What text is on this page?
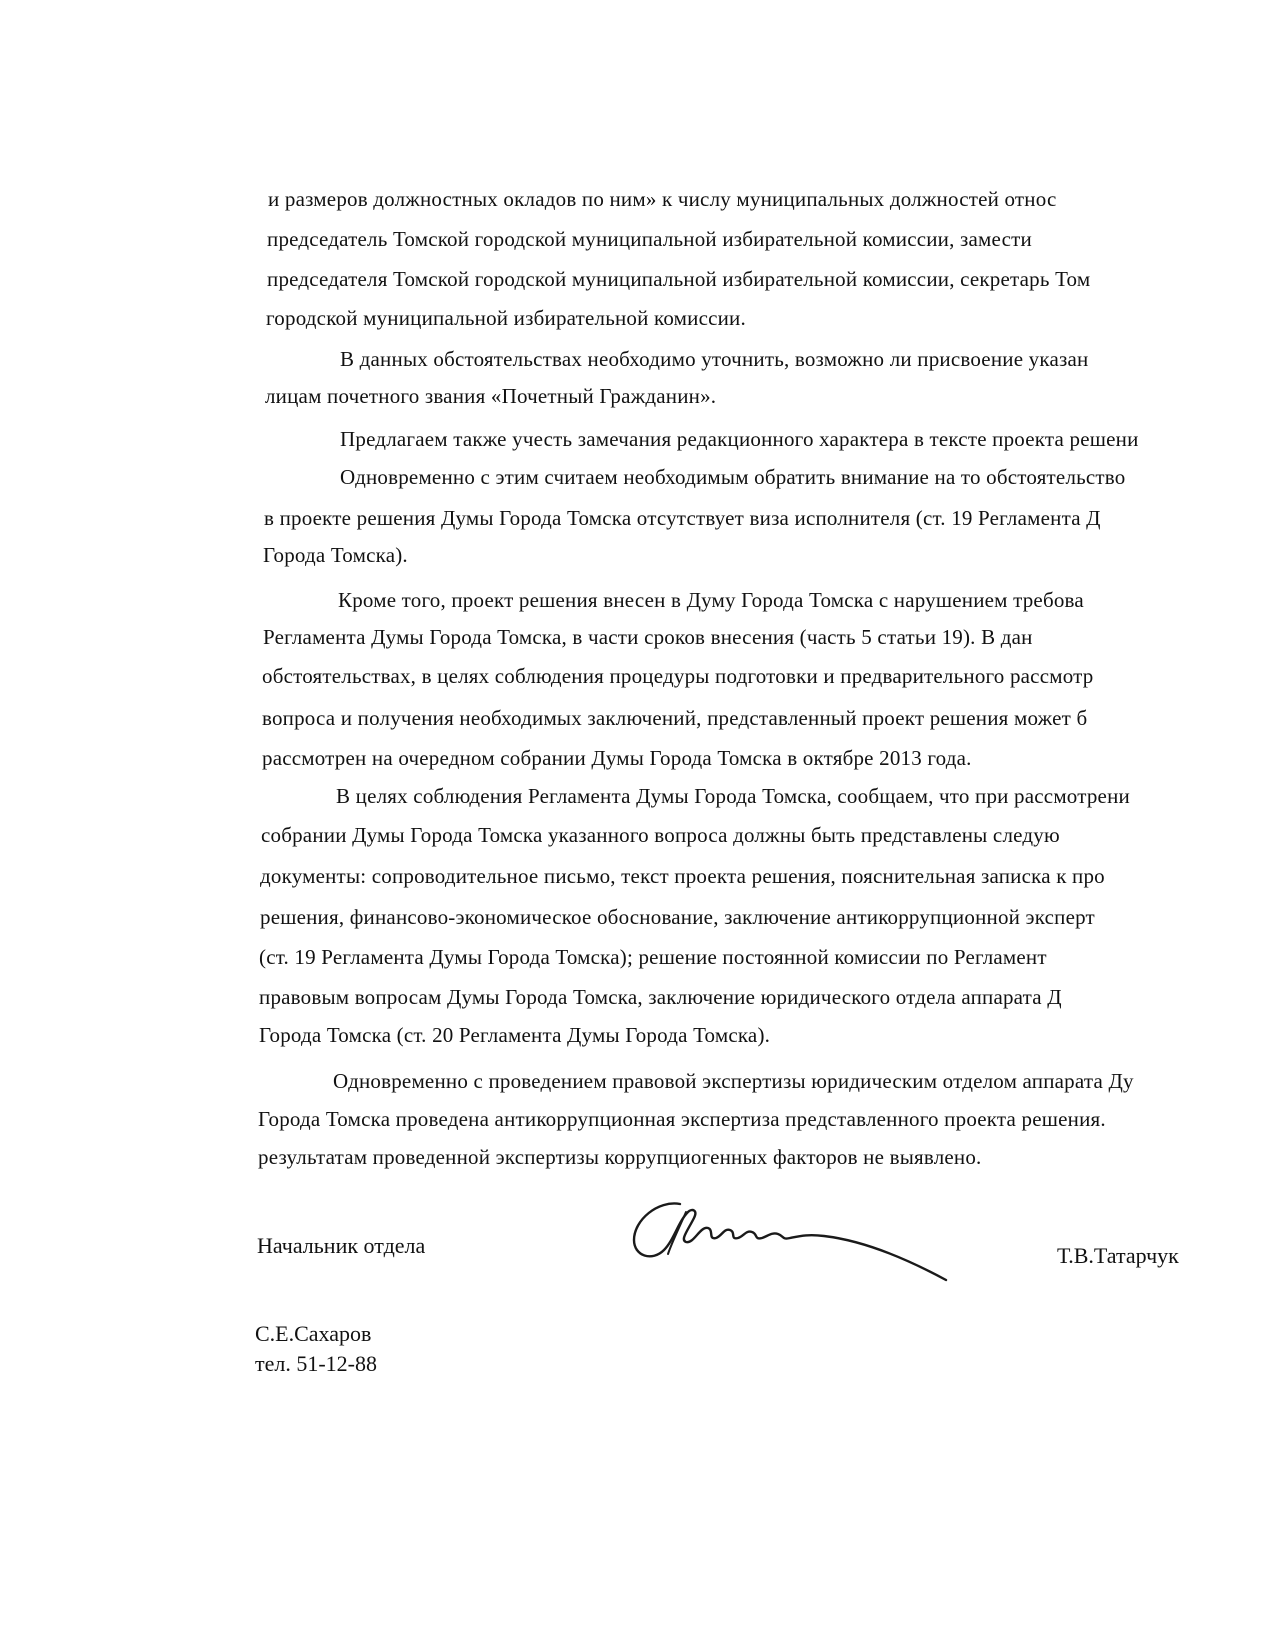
и размеров должностных окладов по ним» к числу муниципальных должностей относ
председатель Томской городской муниципальной избирательной комиссии, замести
председателя Томской городской муниципальной избирательной комиссии, секретарь Том
городской муниципальной избирательной комиссии.
В данных обстоятельствах необходимо уточнить, возможно ли присвоение указан
лицам почетного звания «Почетный Гражданин».
Предлагаем также учесть замечания редакционного характера в тексте проекта решени
Одновременно с этим считаем необходимым обратить внимание на то обстоятельство
в проекте решения Думы Города Томска отсутствует виза исполнителя (ст. 19 Регламента Д
Города Томска).
Кроме того, проект решения внесен в Думу Города Томска с нарушением требова
Регламента Думы Города Томска, в части сроков внесения (часть 5 статьи 19). В дан
обстоятельствах, в целях соблюдения процедуры подготовки и предварительного рассмотр
вопроса и получения необходимых заключений, представленный проект решения может б
рассмотрен на очередном собрании Думы Города Томска в октябре 2013 года.
В целях соблюдения Регламента Думы Города Томска, сообщаем, что при рассмотрени
собрании Думы Города Томска указанного вопроса должны быть представлены следую
документы: сопроводительное письмо, текст проекта решения, пояснительная записка к про
решения, финансово-экономическое обоснование, заключение антикоррупционной эксперт
(ст. 19 Регламента Думы Города Томска); решение постоянной комиссии по Регламент
правовым вопросам Думы Города Томска, заключение юридического отдела аппарата Д
Города Томска (ст. 20 Регламента Думы Города Томска).
Одновременно с проведением правовой экспертизы юридическим отделом аппарата Ду
Города Томска проведена антикоррупционная экспертиза представленного проекта решения.
результатам проведенной экспертизы коррупциогенных факторов не выявлено.
Начальник отдела	Т.В.Татарчук
С.Е.Сахаров
тел. 51-12-88
